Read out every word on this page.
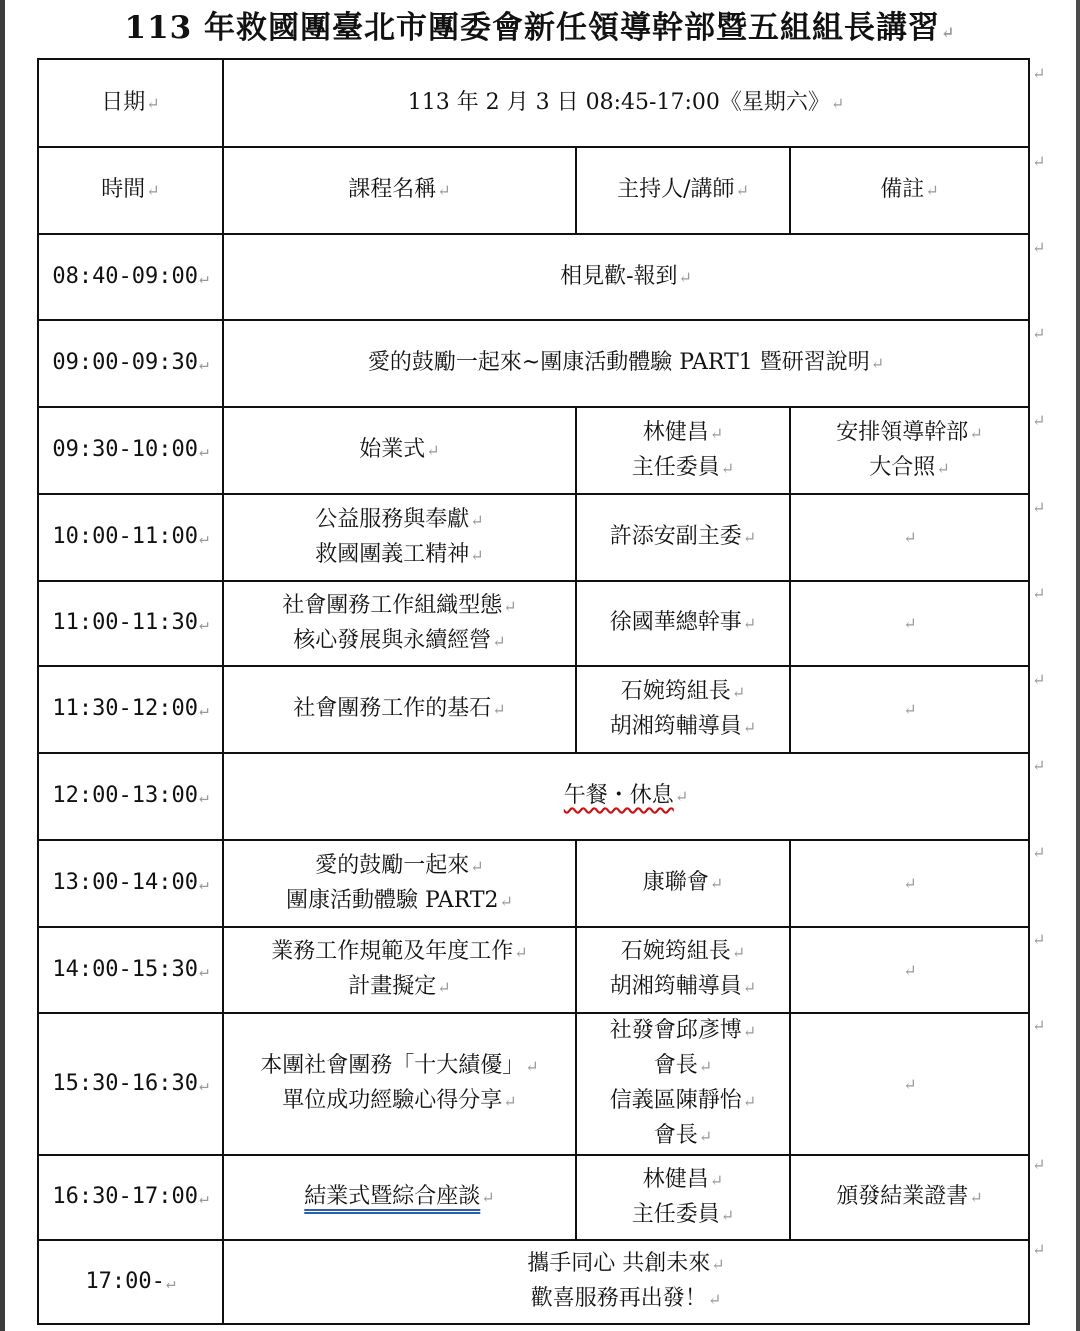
113 年救國團臺北市團委會新任領導幹部暨五組組長講習↵
日期↵	113 年 2 月 3 日 08:45-17:00《星期六》↵		
時間↵	課程名稱↵	主持人/講師↵	備註↵
08:40-09:00↵	相見歡-報到↵		

09:00-09:30↵	愛的鼓勵一起來~團康活動體驗 PART1 暨研習說明↵		

09:30-10:00↵	始業式↵	林健昌↵
主任委員↵	安排領導幹部↵
大合照↵

10:00-11:00↵	公益服務與奉獻↵
救國團義工精神↵	許添安副主委↵	↵
11:00-11:30↵	社會團務工作組織型態↵
核心發展與永續經營↵	徐國華總幹事↵	↵
11:30-12:00↵	社會團務工作的基石↵	石婉筠組長↵
胡湘筠輔導員↵	↵
12:00-13:00↵	午餐・休息↵		

13:00-14:00↵	愛的鼓勵一起來↵
團康活動體驗 PART2↵	康聯會↵	↵
14:00-15:30↵	業務工作規範及年度工作↵
計畫擬定↵	石婉筠組長↵
胡湘筠輔導員↵	↵
15:30-16:30↵	本團社會團務「十大績優」↵
單位成功經驗心得分享↵	社發會邱彥博↵
會長↵
信義區陳靜怡↵
會長↵	↵
16:30-17:00↵	結業式暨綜合座談↵	林健昌↵
主任委員↵	頒發結業證書↵

17:00-↵	攜手同心 共創未來↵
歡喜服務再出發！↵		
↵
↵
↵
↵
↵
↵
↵
↵
↵
↵
↵
↵
↵
↵
